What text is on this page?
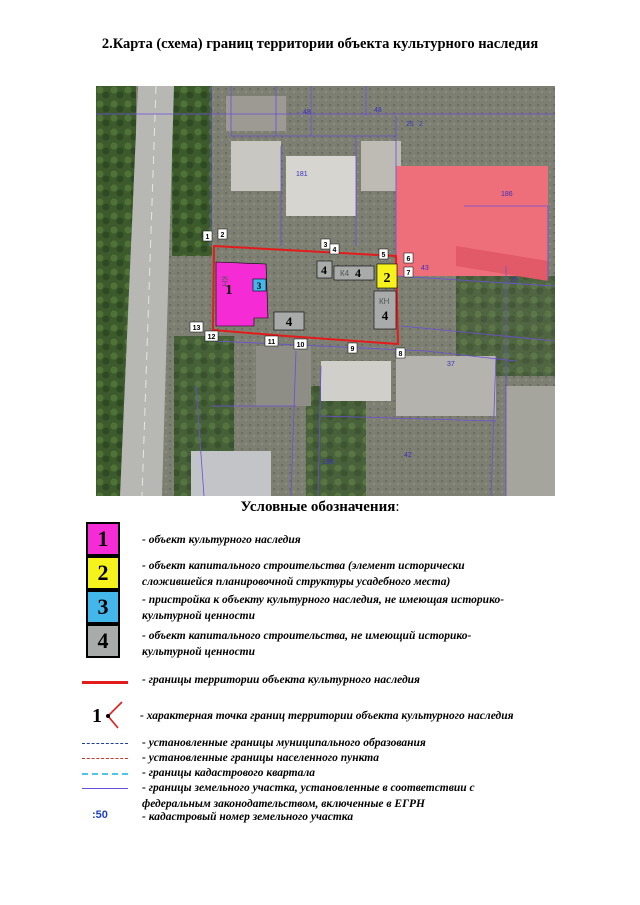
2.Карта (схема) границ территории объекта культурного наследия
1	3	2
4 4
4
4
КН
КН
К4
48	48
25 2
181
186
43
29
37
42
198
1 2
3
4
5
6
7
8
9
10
11
12
13
Условные обозначения:
1	- объект культурного наследия
2	- объект капитального строительства (элемент исторически сложившейся планировочной структуры усадебного места)
3	- пристройка к объекту культурного наследия, не имеющая историко-культурной ценности
4	- объект капитального строительства, не имеющий историко-культурной ценности
- границы территории объекта культурного наследия
1	- характерная точка границ территории объекта культурного наследия
- установленные границы муниципального образования
- установленные границы населенного пункта
- границы кадастрового квартала
- границы земельного участка, установленные в соответствии с федеральным законодательством, включенные в ЕГРН
:50	- кадастровый номер земельного участка
